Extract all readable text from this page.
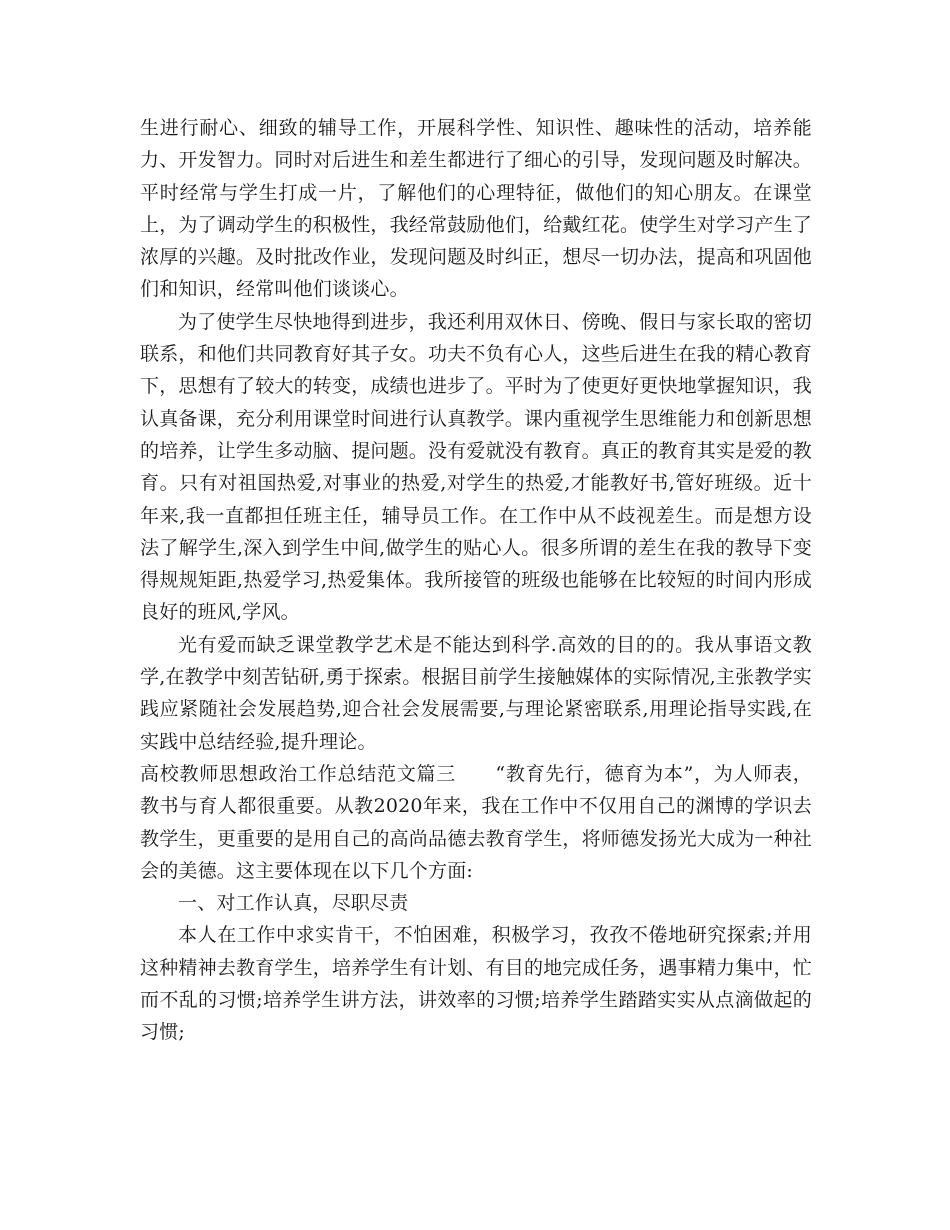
生进行耐心、细致的辅导工作，开展科学性、知识性、趣味性的活动，培养能力、开发智力。同时对后进生和差生都进行了细心的引导，发现问题及时解决。平时经常与学生打成一片，了解他们的心理特征，做他们的知心朋友。在课堂上，为了调动学生的积极性，我经常鼓励他们，给戴红花。使学生对学习产生了浓厚的兴趣。及时批改作业，发现问题及时纠正，想尽一切办法，提高和巩固他们和知识，经常叫他们谈谈心。

为了使学生尽快地得到进步，我还利用双休日、傍晚、假日与家长取的密切联系，和他们共同教育好其子女。功夫不负有心人，这些后进生在我的精心教育下，思想有了较大的转变，成绩也进步了。平时为了使更好更快地掌握知识，我认真备课，充分利用课堂时间进行认真教学。课内重视学生思维能力和创新思想的培养，让学生多动脑、提问题。没有爱就没有教育。真正的教育其实是爱的教育。只有对祖国热爱,对事业的热爱,对学生的热爱,才能教好书,管好班级。近十年来,我一直都担任班主任，辅导员工作。在工作中从不歧视差生。而是想方设法了解学生,深入到学生中间,做学生的贴心人。很多所谓的差生在我的教导下变得规规矩距,热爱学习,热爱集体。我所接管的班级也能够在比较短的时间内形成良好的班风,学风。

光有爱而缺乏课堂教学艺术是不能达到科学.高效的目的的。我从事语文教学,在教学中刻苦钻研,勇于探索。根据目前学生接触媒体的实际情况,主张教学实践应紧随社会发展趋势,迎合社会发展需要,与理论紧密联系,用理论指导实践,在实践中总结经验,提升理论。

高校教师思想政治工作总结范文篇三　　“教育先行，德育为本”，为人师表，教书与育人都很重要。从教2020年来，我在工作中不仅用自己的渊博的学识去教学生，更重要的是用自己的高尚品德去教育学生，将师德发扬光大成为一种社会的美德。这主要体现在以下几个方面:

一、对工作认真，尽职尽责

本人在工作中求实肯干，不怕困难，积极学习，孜孜不倦地研究探索;并用这种精神去教育学生，培养学生有计划、有目的地完成任务，遇事精力集中，忙而不乱的习惯;培养学生讲方法，讲效率的习惯;培养学生踏踏实实从点滴做起的习惯;
